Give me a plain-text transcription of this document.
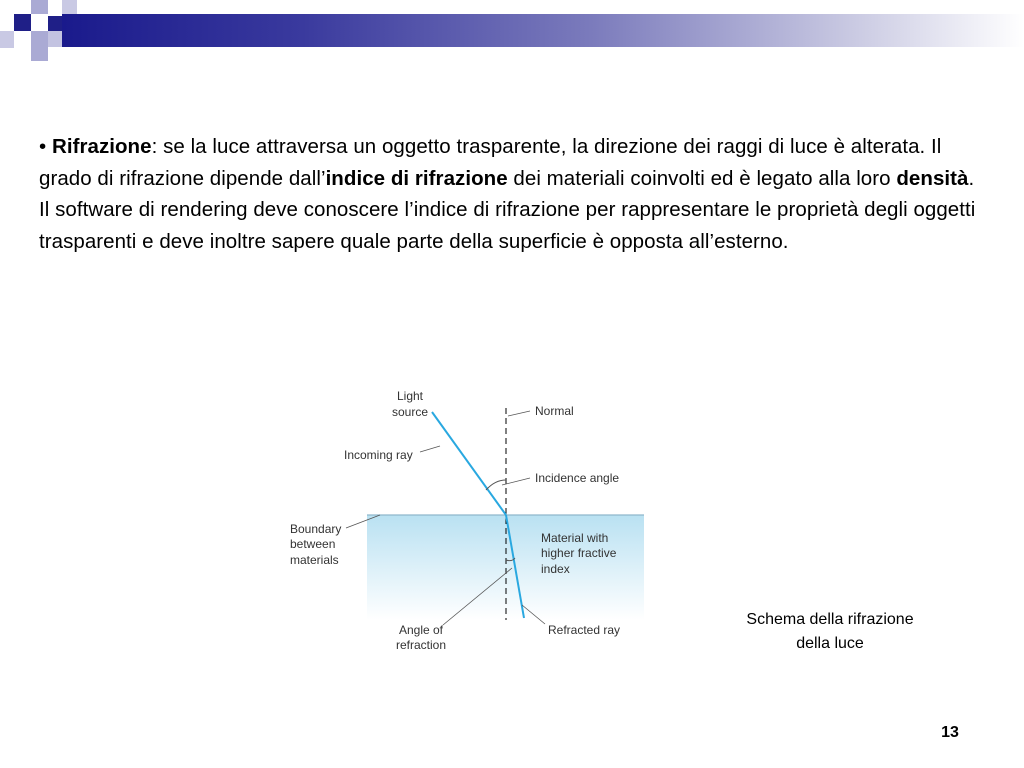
• Rifrazione: se la luce attraversa un oggetto trasparente, la direzione dei raggi di luce è alterata. Il grado di rifrazione dipende dall’indice di rifrazione dei materiali coinvolti ed è legato alla loro densità. Il software di rendering deve conoscere l’indice di rifrazione per rappresentare le proprietà degli oggetti trasparenti e deve inoltre sapere quale parte della superficie è opposta all’esterno.
Light
source	Normal
Incoming ray
Incidence angle
Boundary
between
materials
Material with
higher fractive
index
Angle of
refraction
Refracted ray
Schema della rifrazione
della luce
13
